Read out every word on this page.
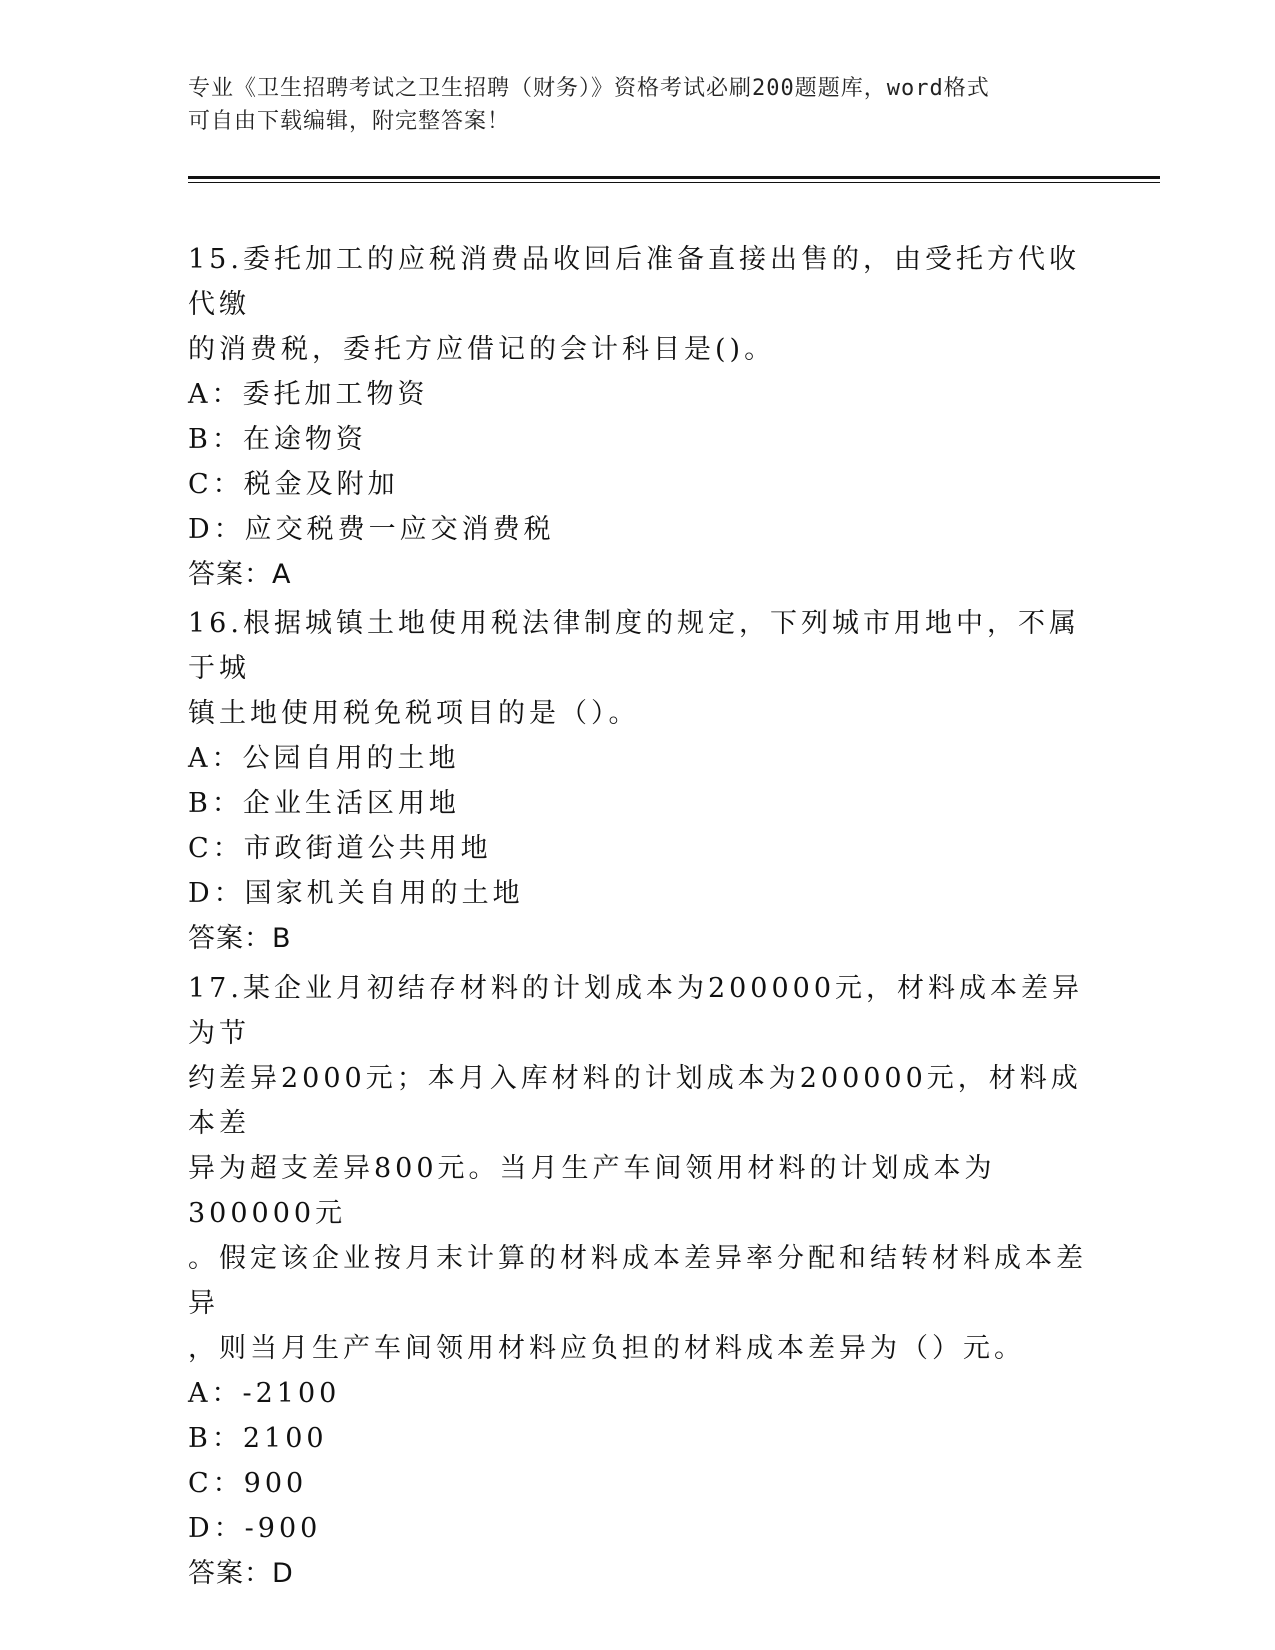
专业《卫生招聘考试之卫生招聘（财务）》资格考试必刷200题题库，word格式
可自由下载编辑，附完整答案！

15.委托加工的应税消费品收回后准备直接出售的，由受托方代收代缴

的消费税，委托方应借记的会计科目是()。

A：委托加工物资

B：在途物资

C：税金及附加

D：应交税费一应交消费税

答案：A

16.根据城镇土地使用税法律制度的规定，下列城市用地中，不属于城

镇土地使用税免税项目的是（）。

A：公园自用的土地

B：企业生活区用地

C：市政街道公共用地

D：国家机关自用的土地

答案：B

17.某企业月初结存材料的计划成本为200000元，材料成本差异为节

约差异2000元；本月入库材料的计划成本为200000元，材料成本差

异为超支差异800元。当月生产车间领用材料的计划成本为300000元

。假定该企业按月末计算的材料成本差异率分配和结转材料成本差异

，则当月生产车间领用材料应负担的材料成本差异为（）元。

A：-2100

B：2100

C：900

D：-900

答案：D
